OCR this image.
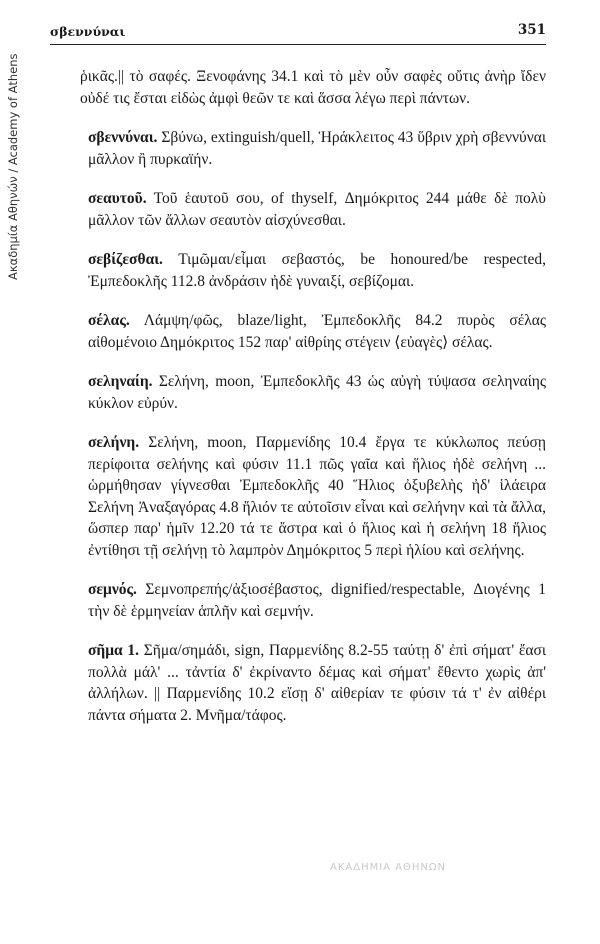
Ακαδημία Αθηνών / Academy of Athens
σβεννύναι	351

ῥικᾶς.|| τὸ σαφές. Ξενοφάνης 34.1 καὶ τὸ μὲν οὖν σαφὲς οὔτις ἀνὴρ ἴδεν οὐδέ τις ἔσται εἰδὼς ἀμφὶ θεῶν τε καὶ ἅσσα λέγω περὶ πάντων.

σβεννύναι. Σβύνω, extinguish/quell, Ἡράκλειτος 43 ὕβριν χρὴ σβεννύναι μᾶλλον ἢ πυρκαϊήν.

σεαυτοῦ. Τοῦ ἑαυτοῦ σου, of thyself, Δημόκριτος 244 μάθε δὲ πολὺ μᾶλλον τῶν ἄλλων σεαυτὸν αἰσχύνεσθαι.

σεβίζεσθαι. Τιμῶμαι/εἶμαι σεβαστός, be honoured/be respected, Ἐμπεδοκλῆς 112.8 ἀνδράσιν ἠδὲ γυναιξί, σεβίζομαι.

σέλας. Λάμψη/φῶς, blaze/light, Ἐμπεδοκλῆς 84.2 πυρὸς σέλας αἰθομένοιο Δημόκριτος 152 παρ' αἰθρίης στέγειν ⟨εὐαγὲς⟩ σέλας.

σεληναίη. Σελήνη, moon, Ἐμπεδοκλῆς 43 ὡς αὐγὴ τύψασα σεληναίης κύκλον εὐρύν.

σελήνη. Σελήνη, moon, Παρμενίδης 10.4 ἔργα τε κύκλωπος πεύσῃ περίφοιτα σελήνης καὶ φύσιν 11.1 πῶς γαῖα καὶ ἥλιος ἠδὲ σελήνη ... ὡρμήθησαν γίγνεσθαι Ἐμπεδοκλῆς 40 Ἥλιος ὀξυβελὴς ἠδ' ἱλάειρα Σελήνη Ἀναξαγόρας 4.8 ἥλιόν τε αὐτοῖσιν εἶναι καὶ σελήνην καὶ τὰ ἄλλα, ὥσπερ παρ' ἡμῖν 12.20 τά τε ἄστρα καὶ ὁ ἥλιος καὶ ἡ σελήνη 18 ἥλιος ἐντίθησι τῇ σελήνῃ τὸ λαμπρὸν Δημόκριτος 5 περὶ ἡλίου καὶ σελήνης.

σεμνός. Σεμνοπρεπής/ἀξιοσέβαστος, dignified/respectable, Διογένης 1 τὴν δὲ ἑρμηνείαν ἁπλῆν καὶ σεμνήν.

σῆμα 1. Σῆμα/σημάδι, sign, Παρμενίδης 8.2-55 ταύτῃ δ' ἐπὶ σήματ' ἔασι πολλὰ μάλ' ... τἀντία δ' ἐκρίναντο δέμας καὶ σήματ' ἔθεντο χωρὶς ἀπ' ἀλλήλων. || Παρμενίδης 10.2 εἴσῃ δ' αἰθερίαν τε φύσιν τά τ' ἐν αἰθέρι πάντα σήματα 2. Μνῆμα/τάφος.

ΑΚΑΔΗΜΙΑ ΑΘΗΝΩΝ
